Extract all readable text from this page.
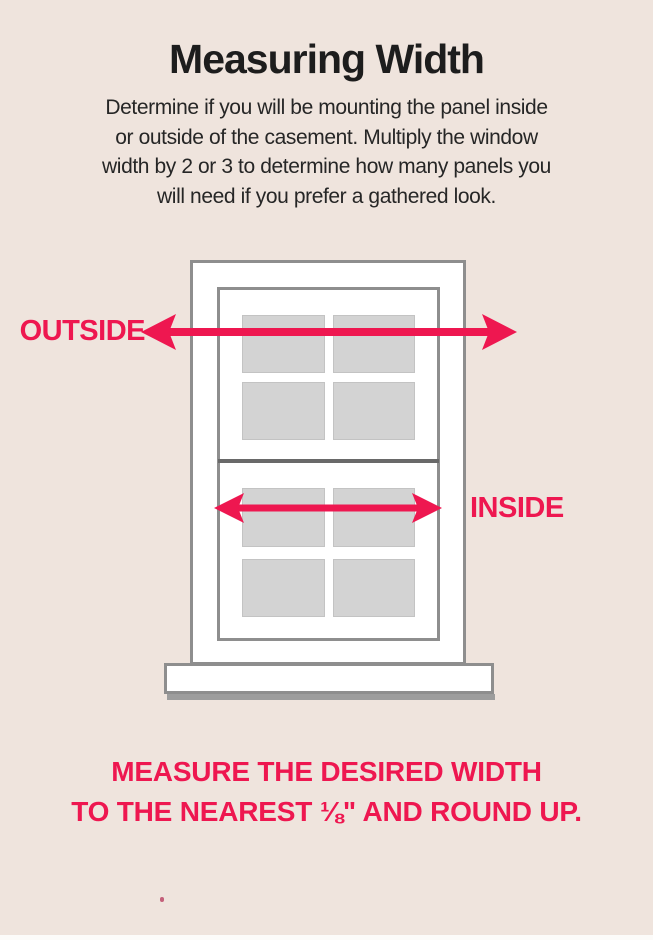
Measuring Width
Determine if you will be mounting the panel inside
or outside of the casement. Multiply the window
width by 2 or 3 to determine how many panels you
will need if you prefer a gathered look.
OUTSIDE
INSIDE
MEASURE THE DESIRED WIDTH
TO THE NEAREST ⅛" AND ROUND UP.
